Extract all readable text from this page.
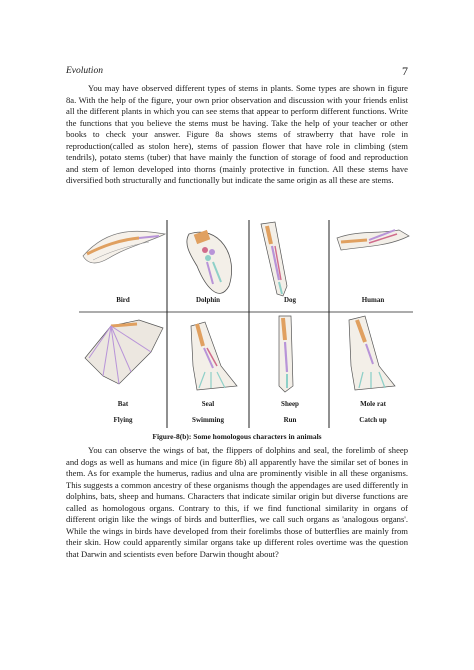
Evolution	7

You may have observed different types of stems in plants. Some types are shown in figure 8a. With the help of the figure, your own prior observation and discussion with your friends enlist all the different plants in which you can see stems that appear to perform different functions. Write the functions that you believe the stems must be having. Take the help of your teacher or other books to check your answer. Figure 8a shows stems of strawberry that have role in reproduction(called as stolon here), stems of passion flower that have role in climbing (stem tendrils), potato stems (tuber) that have mainly the function of storage of food and reproduction and stem of lemon developed into thorns (mainly protective in function. All these stems have diversified both structurally and functionally but indicate the same origin as all these are stems.

Bird	Dolphin	Dog	Human
Bat	Seal	Sheep	Mole rat
Flying	Swimming	Run	Catch up
Figure-8(b): Some homologous characters in animals

You can observe the wings of bat, the flippers of dolphins and seal, the forelimb of sheep and dogs as well as humans and mice (in figure 8b) all apparently have the similar set of bones in them. As for example the humerus, radius and ulna are prominently visible in all these organisms. This suggests a common ancestry of these organisms though the appendages are used differently in dolphins, bats, sheep and humans. Characters that indicate similar origin but diverse functions are called as homologous organs. Contrary to this, if we find functional similarity in organs of different origin like the wings of birds and butterflies, we call such organs as 'analogous organs'. While the wings in birds have developed from their forelimbs those of butterflies are mainly from their skin. How could apparently similar organs take up different roles overtime was the question that Darwin and scientists even before Darwin thought about?
